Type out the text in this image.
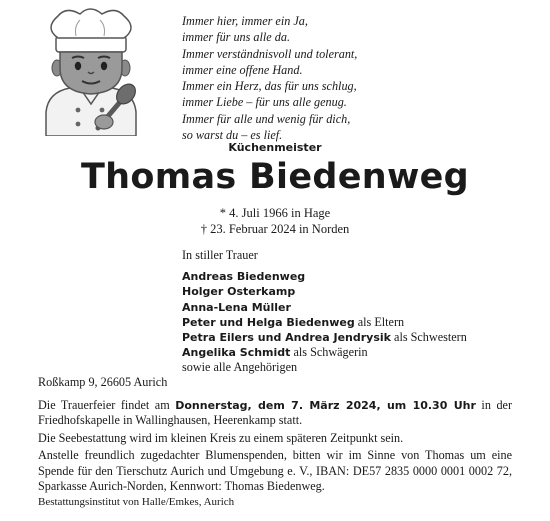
Immer hier, immer ein Ja,
immer für uns alle da.
Immer verständnisvoll und tolerant,
immer eine offene Hand.
Immer ein Herz, das für uns schlug,
immer Liebe – für uns alle genug.
Immer für alle und wenig für dich,
so warst du – es lief.
Küchenmeister
Thomas Biedenweg
* 4. Juli 1966 in Hage
† 23. Februar 2024 in Norden
In stiller Trauer
Andreas Biedenweg
Holger Osterkamp
Anna-Lena Müller
Peter und Helga Biedenweg als Eltern
Petra Eilers und Andrea Jendrysik als Schwestern
Angelika Schmidt als Schwägerin
sowie alle Angehörigen
Roßkamp 9, 26605 Aurich

Die Trauerfeier findet am Donnerstag, dem 7. März 2024, um 10.30 Uhr in der Friedhofskapelle in Wallinghausen, Heerenkamp statt.

Die Seebestattung wird im kleinen Kreis zu einem späteren Zeitpunkt sein.

Anstelle freundlich zugedachter Blumenspenden, bitten wir im Sinne von Thomas um eine Spende für den Tierschutz Aurich und Umgebung e. V., IBAN: DE57 2835 0000 0001 0002 72, Sparkasse Aurich-Norden, Kennwort: Thomas Biedenweg.

Bestattungsinstitut von Halle/Emkes, Aurich
